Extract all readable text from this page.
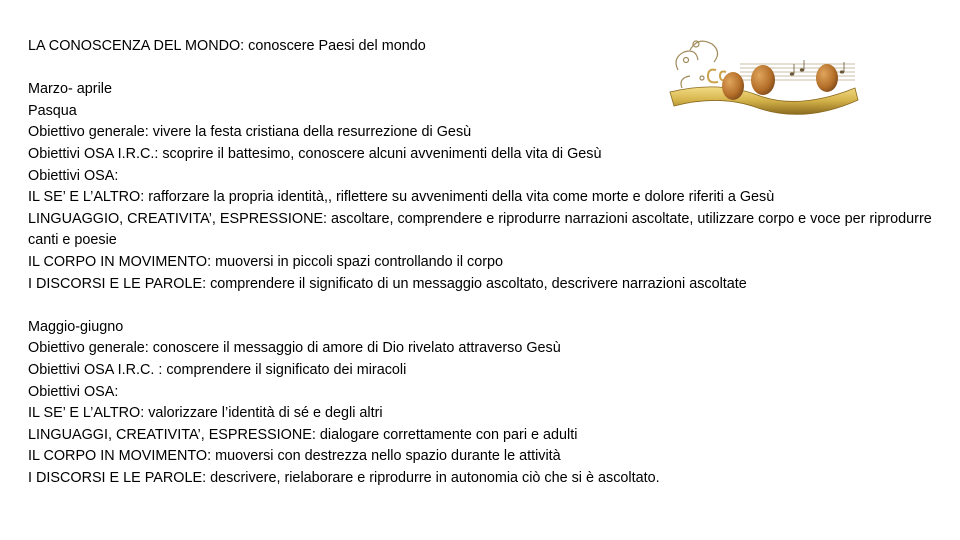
LA CONOSCENZA DEL MONDO: conoscere Paesi del mondo
Marzo- aprile
Pasqua
Obiettivo generale: vivere la festa cristiana della resurrezione di Gesù
Obiettivi OSA I.R.C.: scoprire il battesimo, conoscere alcuni avvenimenti della vita di Gesù
Obiettivi OSA:
IL SE’ E L’ALTRO: rafforzare la propria identità,, riflettere su avvenimenti della vita come morte e dolore riferiti a Gesù
LINGUAGGIO, CREATIVITA’, ESPRESSIONE: ascoltare, comprendere e riprodurre narrazioni ascoltate, utilizzare corpo e voce per riprodurre canti e poesie
IL CORPO IN MOVIMENTO: muoversi in piccoli spazi controllando il corpo
I DISCORSI E LE PAROLE: comprendere il significato di un messaggio ascoltato, descrivere narrazioni ascoltate
Maggio-giugno
Obiettivo generale: conoscere il messaggio di amore di Dio rivelato attraverso Gesù
Obiettivi OSA I.R.C. : comprendere il significato dei miracoli
Obiettivi OSA:
IL SE’ E L’ALTRO: valorizzare l’identità di sé e degli altri
LINGUAGGI, CREATIVITA’, ESPRESSIONE: dialogare correttamente con pari e adulti
IL CORPO IN MOVIMENTO: muoversi con destrezza nello spazio durante le attività
I DISCORSI E LE PAROLE: descrivere, rielaborare e riprodurre in autonomia ciò che si è ascoltato.
